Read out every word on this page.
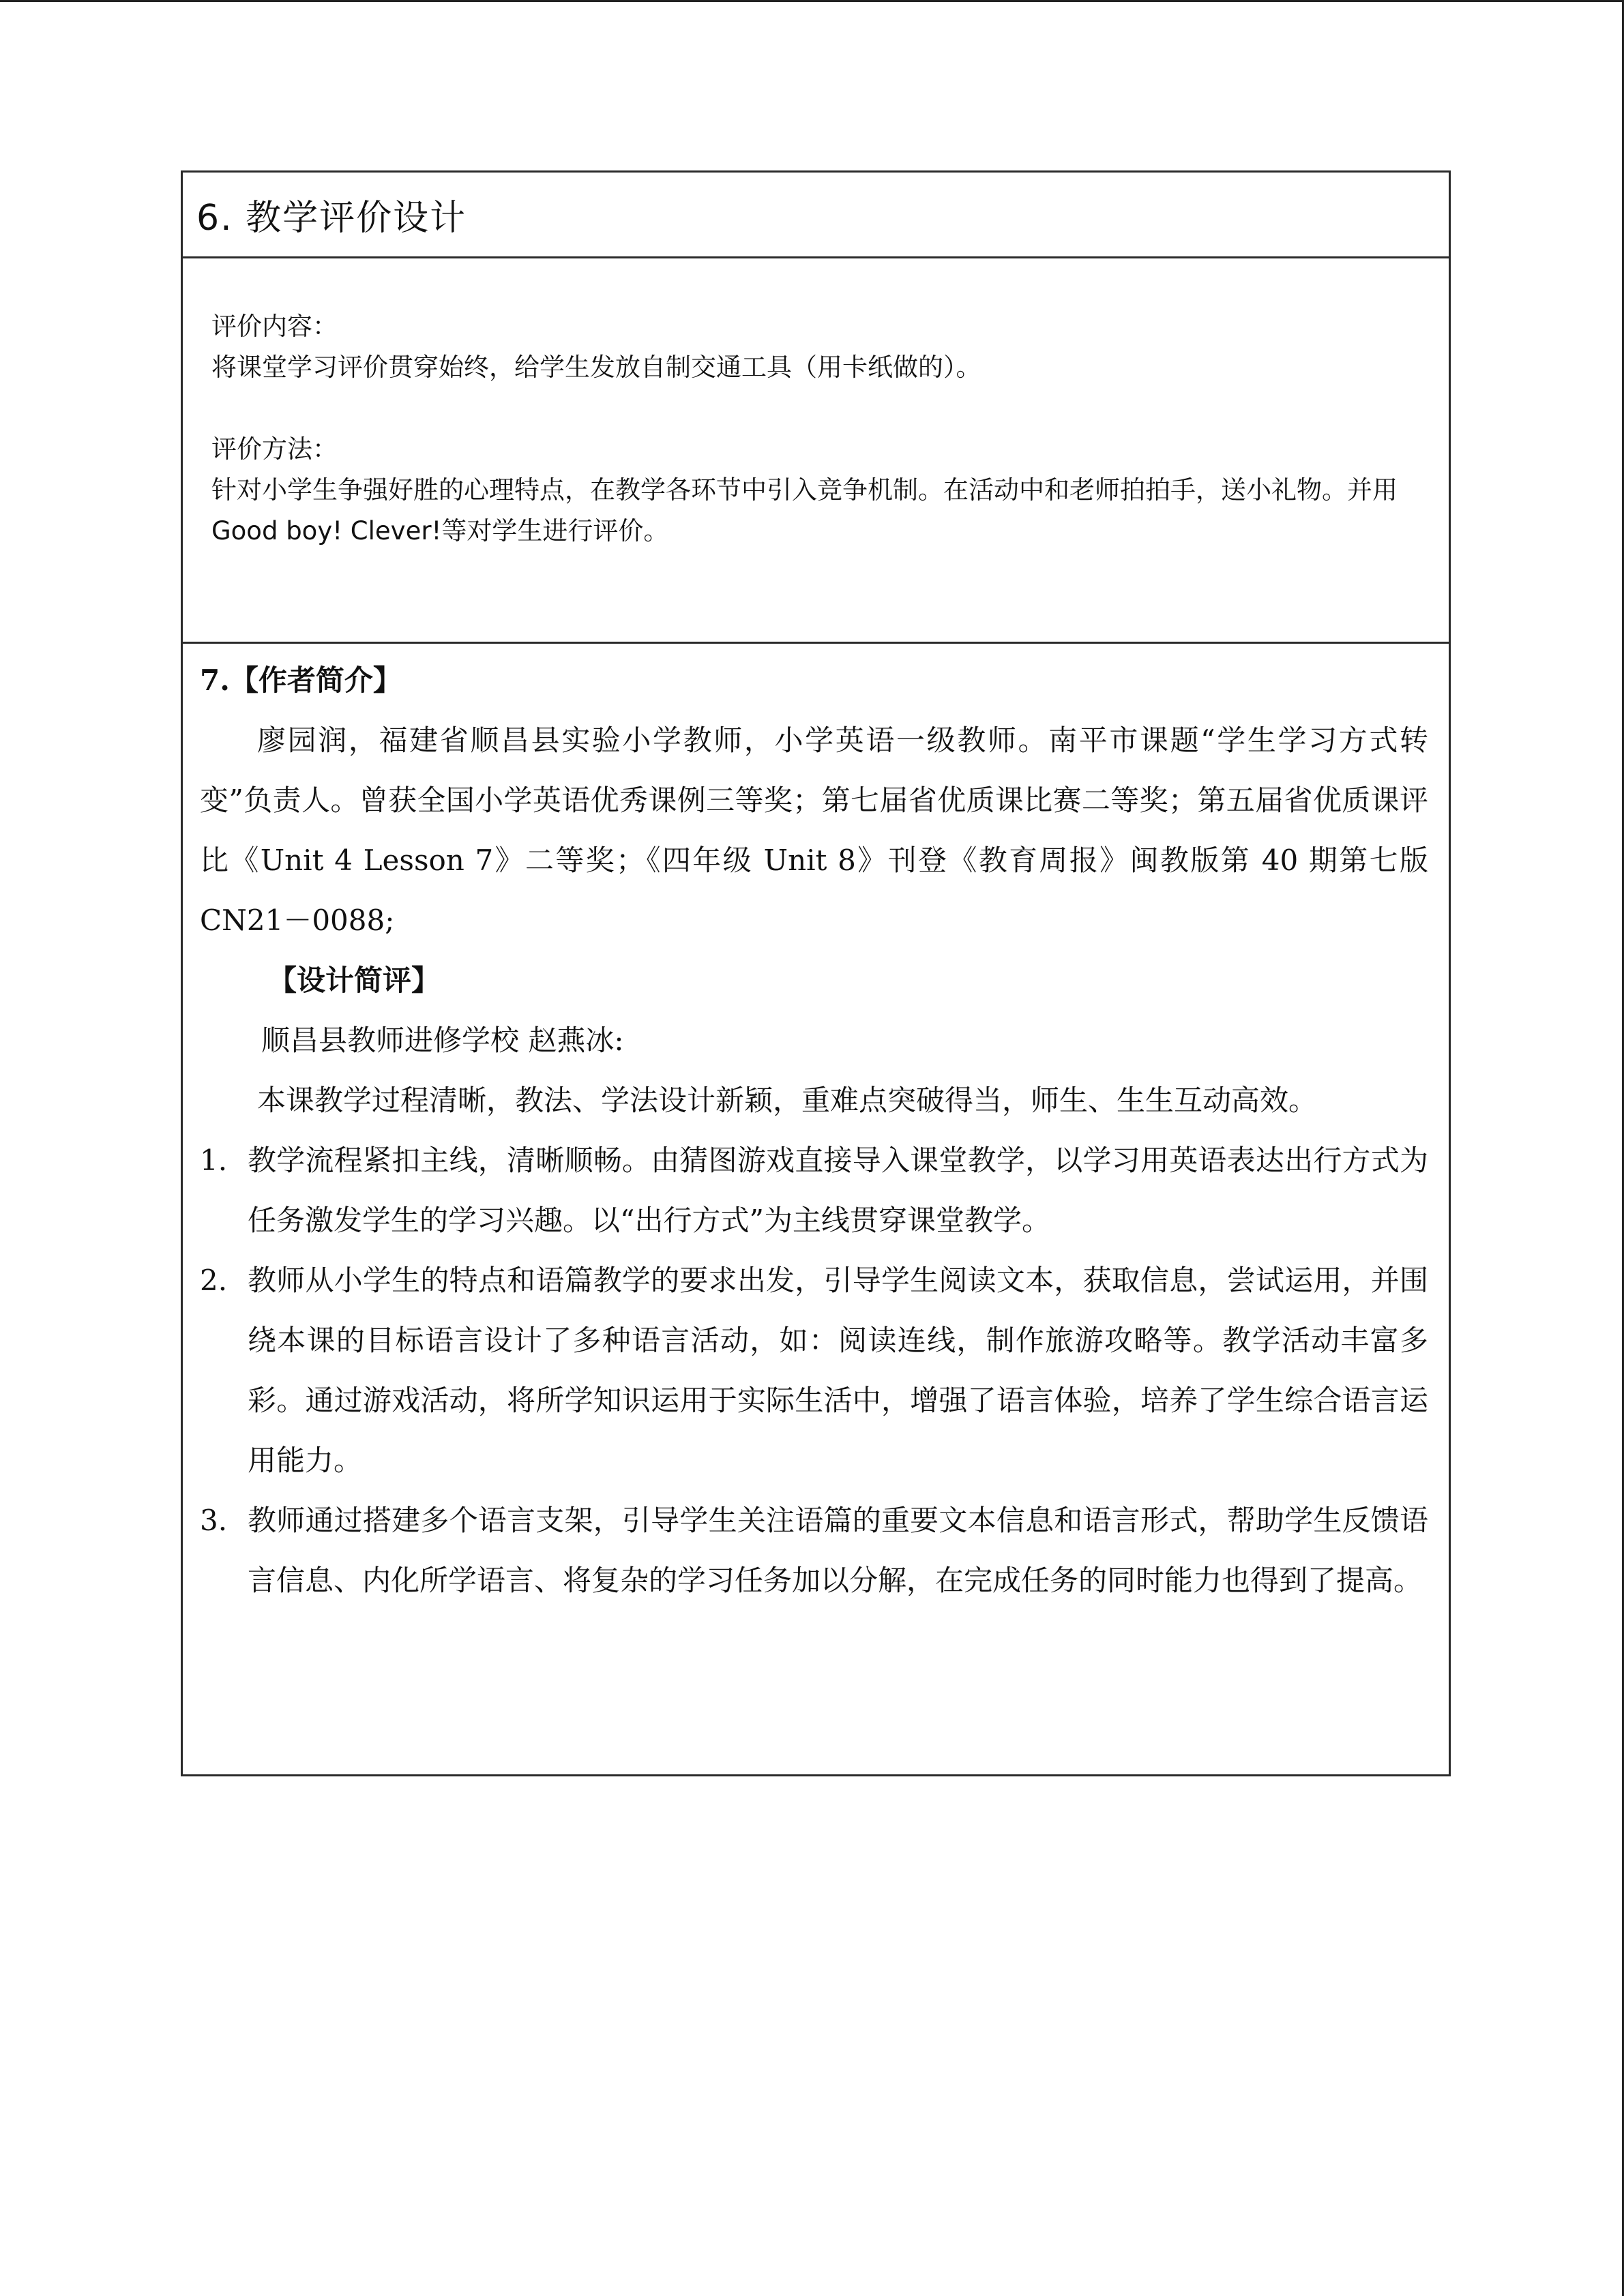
6. 教学评价设计
评价内容：
将课堂学习评价贯穿始终，给学生发放自制交通工具（用卡纸做的）。
评价方法：
针对小学生争强好胜的心理特点，在教学各环节中引入竞争机制。在活动中和老师拍拍手，送小礼物。并用 Good boy! Clever!等对学生进行评价。
7.【作者简介】
廖园润，福建省顺昌县实验小学教师，小学英语一级教师。南平市课题“学生学习方式转变”负责人。曾获全国小学英语优秀课例三等奖；第七届省优质课比赛二等奖；第五届省优质课评比《Unit 4 Lesson 7》二等奖；《四年级 Unit 8》刊登《教育周报》闽教版第 40 期第七版 CN21－0088;
【设计简评】
顺昌县教师进修学校 赵燕冰:
本课教学过程清晰，教法、学法设计新颖，重难点突破得当，师生、生生互动高效。
1. 教学流程紧扣主线，清晰顺畅。由猜图游戏直接导入课堂教学，以学习用英语表达出行方式为任务激发学生的学习兴趣。以“出行方式”为主线贯穿课堂教学。
2. 教师从小学生的特点和语篇教学的要求出发，引导学生阅读文本，获取信息，尝试运用，并围绕本课的目标语言设计了多种语言活动，如：阅读连线，制作旅游攻略等。教学活动丰富多彩。通过游戏活动，将所学知识运用于实际生活中，增强了语言体验，培养了学生综合语言运用能力。
3. 教师通过搭建多个语言支架，引导学生关注语篇的重要文本信息和语言形式，帮助学生反馈语言信息、内化所学语言、将复杂的学习任务加以分解，在完成任务的同时能力也得到了提高。
